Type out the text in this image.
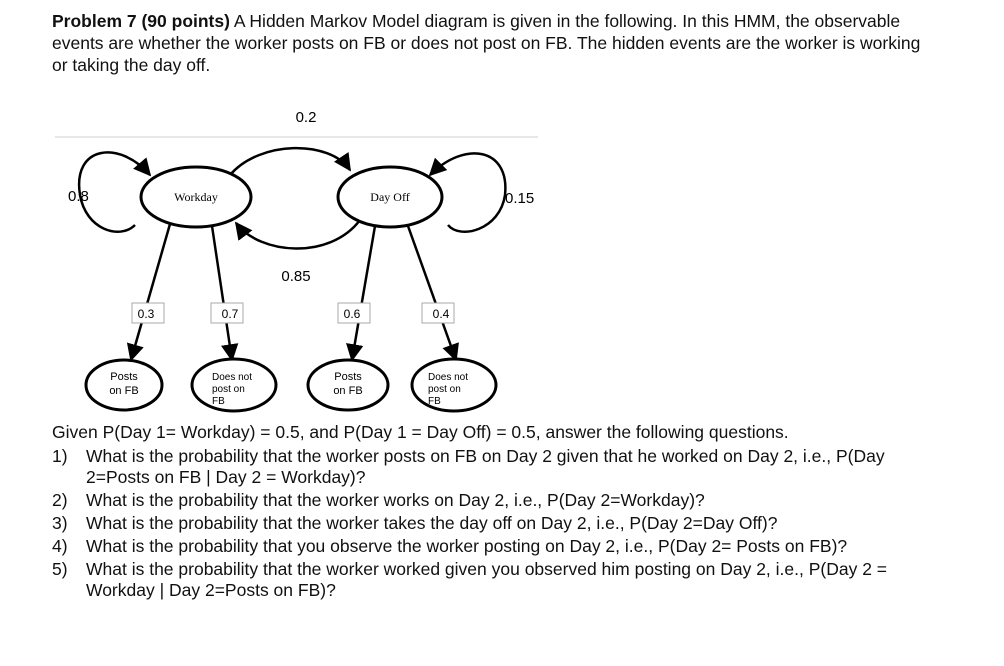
Problem 7 (90 points) A Hidden Markov Model diagram is given in the following. In this HMM, the observable events are whether the worker posts on FB or does not post on FB. The hidden events are the worker is working or taking the day off.
Workday	Day Off
0.8
0.2
0.85
0.15
0.3	0.7	0.6	0.4
Posts
on FB
Does not
post on
FB
Posts
on FB
Does not
post on
FB
Given P(Day 1= Workday) = 0.5, and P(Day 1 = Day Off) = 0.5, answer the following questions.
1) What is the probability that the worker posts on FB on Day 2 given that he worked on Day 2, i.e., P(Day 2=Posts on FB | Day 2 = Workday)?
2) What is the probability that the worker works on Day 2, i.e., P(Day 2=Workday)?
3) What is the probability that the worker takes the day off on Day 2, i.e., P(Day 2=Day Off)?
4) What is the probability that you observe the worker posting on Day 2, i.e., P(Day 2= Posts on FB)?
5) What is the probability that the worker worked given you observed him posting on Day 2, i.e., P(Day 2 = Workday | Day 2=Posts on FB)?
